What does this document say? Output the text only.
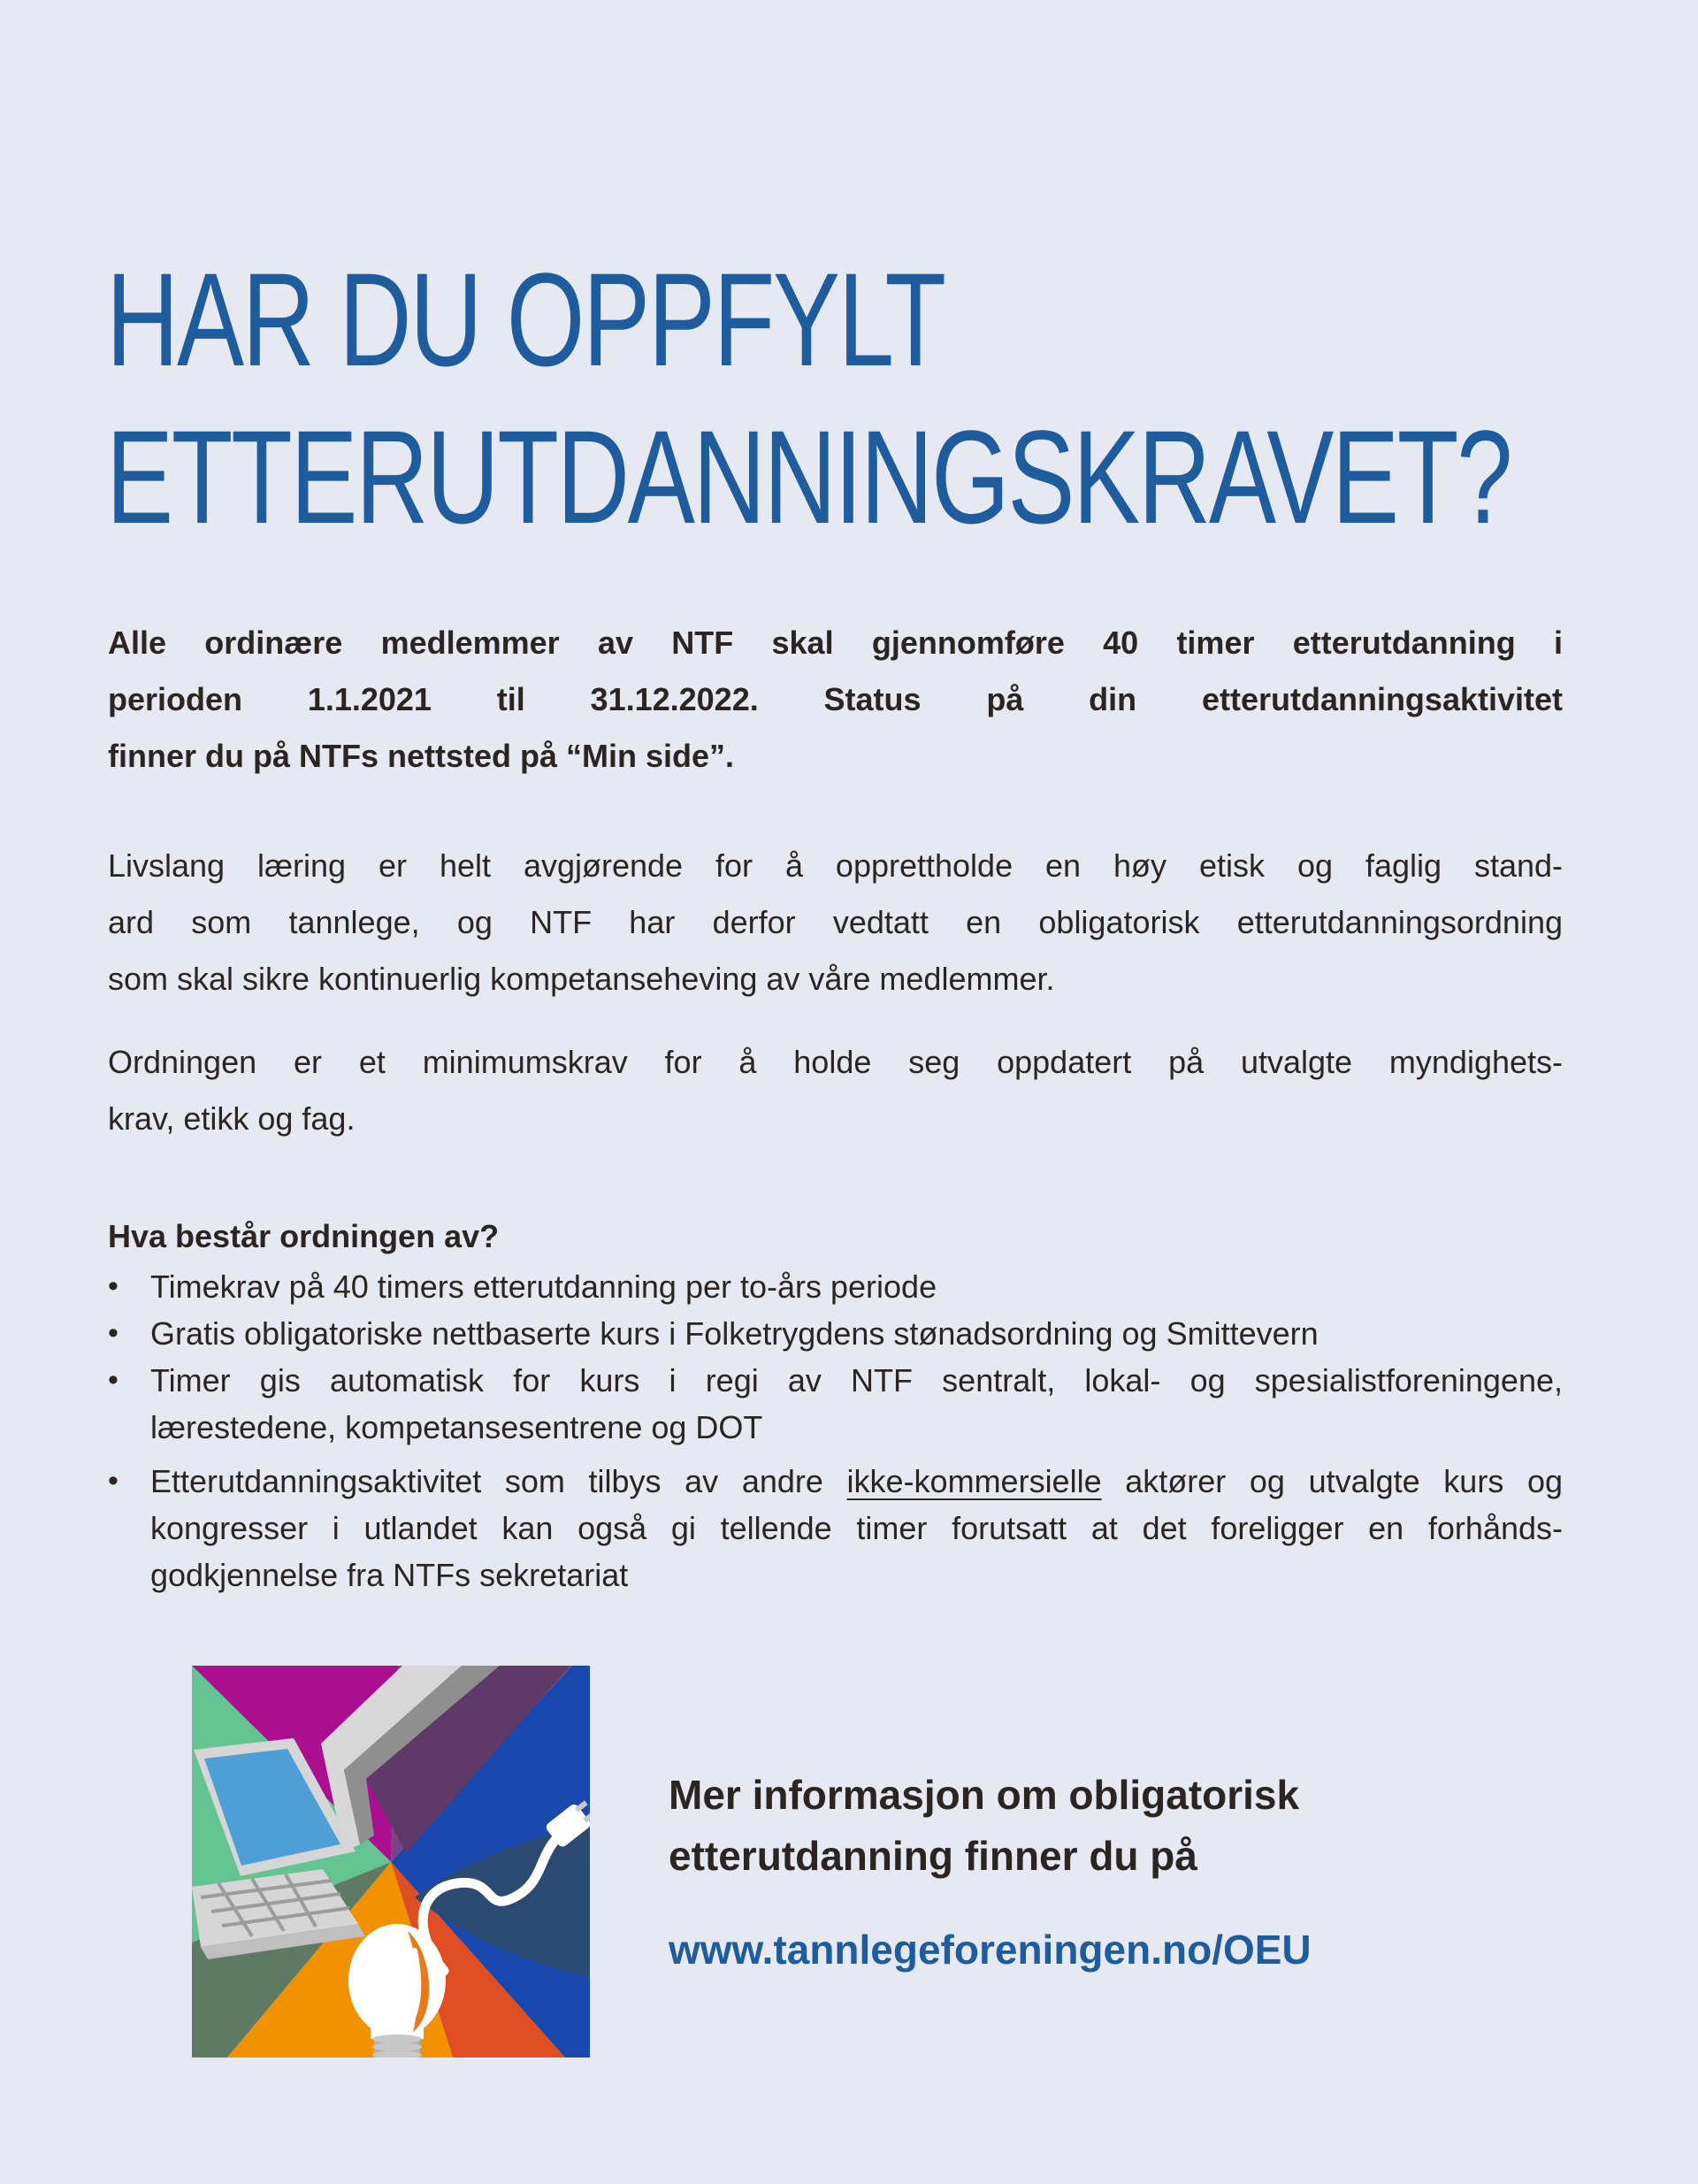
HAR DU OPPFYLT
ETTERUTDANNINGSKRAVET?
Alle ordinære medlemmer av NTF skal gjennomføre 40 timer etterutdanning i
perioden 1.1.2021 til 31.12.2022. Status på din etterutdanningsaktivitet
finner du på NTFs nettsted på “Min side”.
Livslang læring er helt avgjørende for å opprettholde en høy etisk og faglig stand-
ard som tannlege, og NTF har derfor vedtatt en obligatorisk etterutdanningsordning
som skal sikre kontinuerlig kompetanseheving av våre medlemmer.
Ordningen er et minimumskrav for å holde seg oppdatert på utvalgte myndighets-
krav, etikk og fag.
Hva består ordningen av?
•	Timekrav på 40 timers etterutdanning per to-års periode
•	Gratis obligatoriske nettbaserte kurs i Folketrygdens stønadsordning og Smittevern
•	Timer gis automatisk for kurs i regi av NTF sentralt, lokal- og spesialistforeningene,
lærestedene, kompetansesentrene og DOT
•	Etterutdanningsaktivitet som tilbys av andre ikke-kommersielle aktører og utvalgte kurs og
kongresser i utlandet kan også gi tellende timer forutsatt at det foreligger en forhånds-
godkjennelse fra NTFs sekretariat
Mer informasjon om obligatorisk
etterutdanning finner du på
www.tannlegeforeningen.no/OEU
